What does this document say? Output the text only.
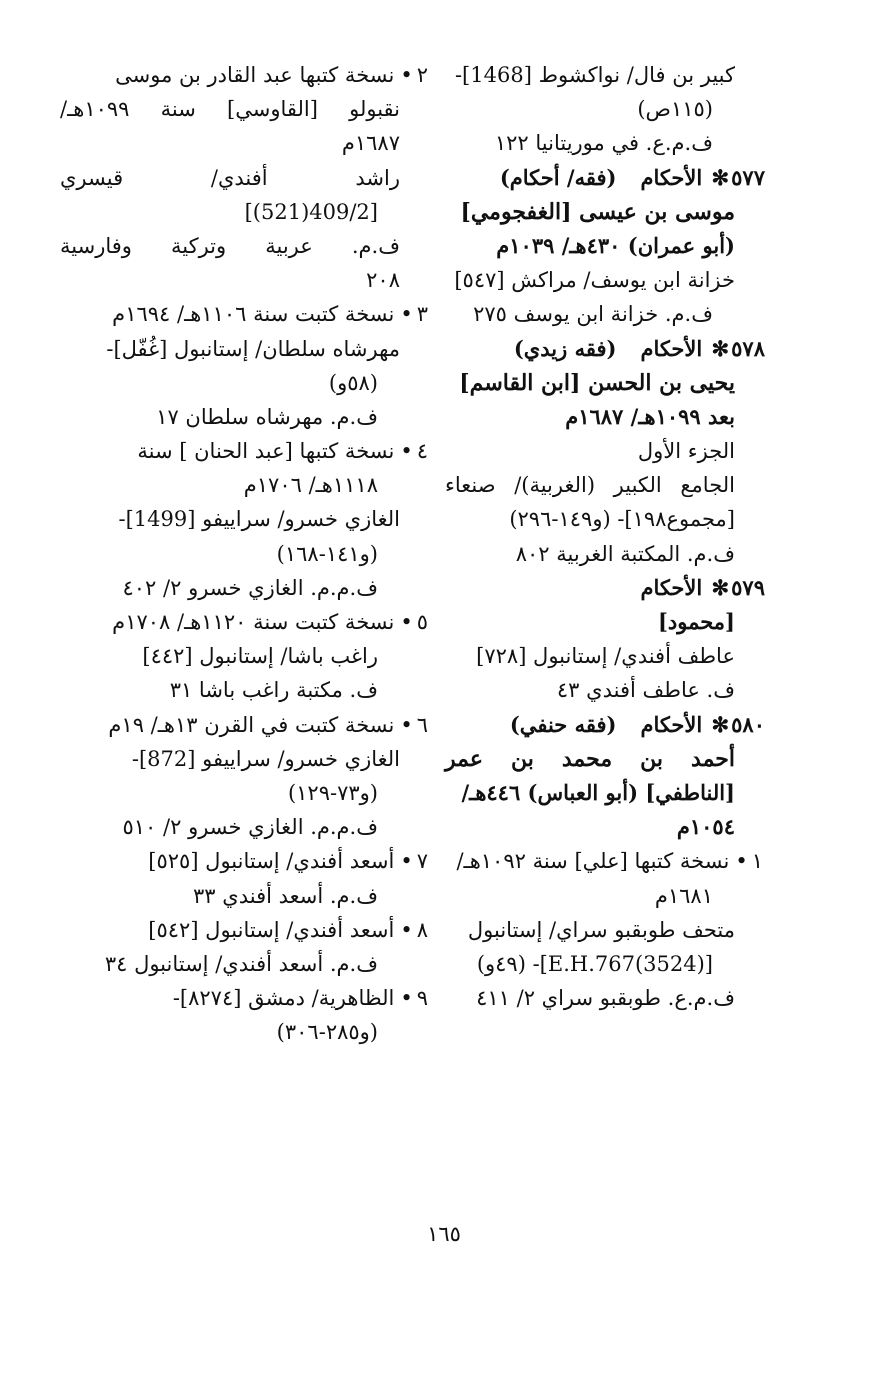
كبير بن فال/ نواكشوط [1468]-
(١١٥ص)
ف.م.ع. في موريتانيا ١٢٢
٥٧٧✻ الأحكام(فقه/ أحكام)
موسى بن عيسى [الغفجومي]
(أبو عمران) ٤٣٠هـ/ ١٠٣٩م
خزانة ابن يوسف/ مراكش [٥٤٧]
ف.م. خزانة ابن يوسف ٢٧٥
٥٧٨✻ الأحكام(فقه زيدي)
يحيى بن الحسن [ابن القاسم]
بعد ١٠٩٩هـ/ ١٦٨٧م
الجزء الأول
الجامع الكبير (الغربية)/ صنعاء
[مجموع١٩٨]- (و١٤٩-٢٩٦)
ف.م. المكتبة الغربية ٨٠٢
٥٧٩✻ الأحكام
[محمود]
عاطف أفندي/ إستانبول [٧٢٨]
ف. عاطف أفندي ٤٣
٥٨٠✻ الأحكام(فقه حنفي)
أحمد بن محمد بن عمر
[الناطفي] (أبو العباس) ٤٤٦هـ/
١٠٥٤م
١•نسخة كتبها [علي] سنة ١٠٩٢هـ/
١٦٨١م
متحف طوبقبو سراي/ إستانبول
[E.H.767(3524)]- (٤٩و)
ف.م.ع. طوبقبو سراي ٢/ ٤١١
٢•نسخة كتبها عبد القادر بن موسى
نقبولو [القاوسي] سنة ١٠٩٩هـ/
١٦٨٧م
راشد أفندي/ قيسري
[409/2(521)]
ف.م. عربية وتركية وفارسية
٢٠٨
٣•نسخة كتبت سنة ١١٠٦هـ/ ١٦٩٤م
مهرشاه سلطان/ إستانبول [غُفّل]-
(٥٨و)
ف.م. مهرشاه سلطان ١٧
٤•نسخة كتبها [عبد الحنان ] سنة
١١١٨هـ/ ١٧٠٦م
الغازي خسرو/ سراييفو [1499]-
(و١٤١-١٦٨)
ف.م.م. الغازي خسرو ٢/ ٤٠٢
٥•نسخة كتبت سنة ١١٢٠هـ/ ١٧٠٨م
راغب باشا/ إستانبول [٤٤٢]
ف. مكتبة راغب باشا ٣١
٦•نسخة كتبت في القرن ١٣هـ/ ١٩م
الغازي خسرو/ سراييفو [872]-
(و٧٣-١٢٩)
ف.م.م. الغازي خسرو ٢/ ٥١٠
٧•أسعد أفندي/ إستانبول [٥٢٥]
ف.م. أسعد أفندي ٣٣
٨•أسعد أفندي/ إستانبول [٥٤٢]
ف.م. أسعد أفندي/ إستانبول ٣٤
٩•الظاهرية/ دمشق [٨٢٧٤]-
(و٢٨٥-٣٠٦)
١٦٥
